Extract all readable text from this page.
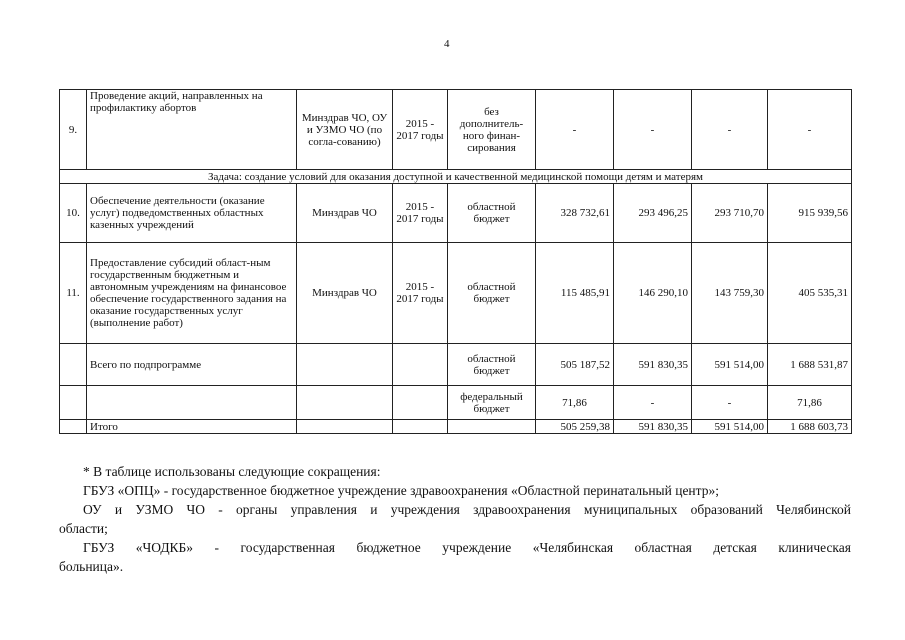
4
9.	Проведение акций, направленных на профилактику абортов	Минздрав ЧО, ОУ и УЗМО ЧО (по согла-сованию)	2015 - 2017 годы	без дополнитель-ного финан-сирования	-	-	-	-
Задача: создание условий для оказания доступной и качественной медицинской помощи детям и матерям								
10.	Обеспечение деятельности (оказание услуг) подведомственных областных казенных учреждений	Минздрав ЧО	2015 - 2017 годы	областной бюджет	328 732,61	293 496,25	293 710,70	915 939,56
11.	Предоставление субсидий област-ным государственным бюджетным и автономным учреждениям на финансовое обеспечение государственного задания на оказание государственных услуг (выполнение работ)	Минздрав ЧО	2015 - 2017 годы	областной бюджет	115 485,91	146 290,10	143 759,30	405 535,31
	Всего по подпрограмме			областной бюджет	505 187,52	591 830,35	591 514,00	1 688 531,87
				федеральный бюджет	71,86	-	-	71,86
	Итого				505 259,38	591 830,35	591 514,00	1 688 603,73

* В таблице использованы следующие сокращения:

ГБУЗ «ОПЦ» - государственное бюджетное учреждение здравоохранения «Областной перинатальный центр»;

ОУ и УЗМО ЧО - органы управления и учреждения здравоохранения муниципальных образований Челябинской

области;

ГБУЗ «ЧОДКБ» - государственная бюджетное учреждение «Челябинская областная детская клиническая

больница».
